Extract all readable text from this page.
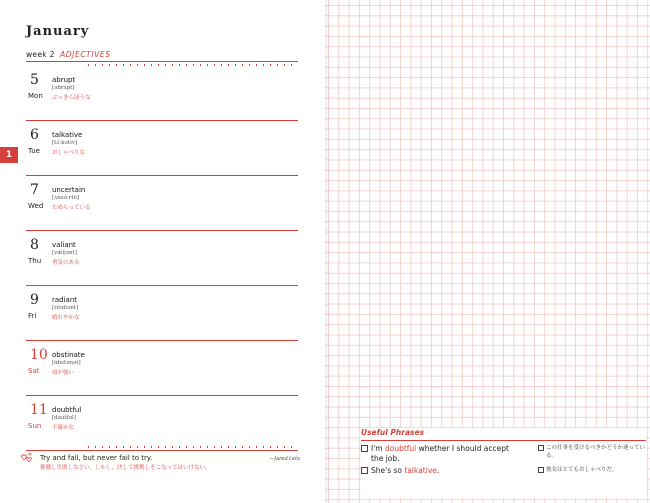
January
week 2 ADJECTIVES
1
5
Mon
abrupt
[əbrʌ́pt]
ぶっきらぼうな
6
Tue
talkative
[tɔ́ːkətiv]
おしゃべりな
7
Wed
uncertain
[ʌnsə́ːrtn]
ためらっている
8
Thu
valiant
[vǽljənt]
勇気のある
9
Fri
radiant
[réidiənt]
晴れやかな
10
Sat
obstinate
[ɑ́bstənət]
頑が強い
11
Sun
doubtful
[dáutfəl]
不確かな
Try and fail, but never fail to try.	—Jared Leto
挑戦し失敗しなさい。しかし、決して挑戦しそこなってはいけない。
Useful Phrases
I'm doubtful whether I should accept the job.
この仕事を受けるべきかどうか迷っている。
She's so talkative.	彼女はとてもおしゃべりだ。
